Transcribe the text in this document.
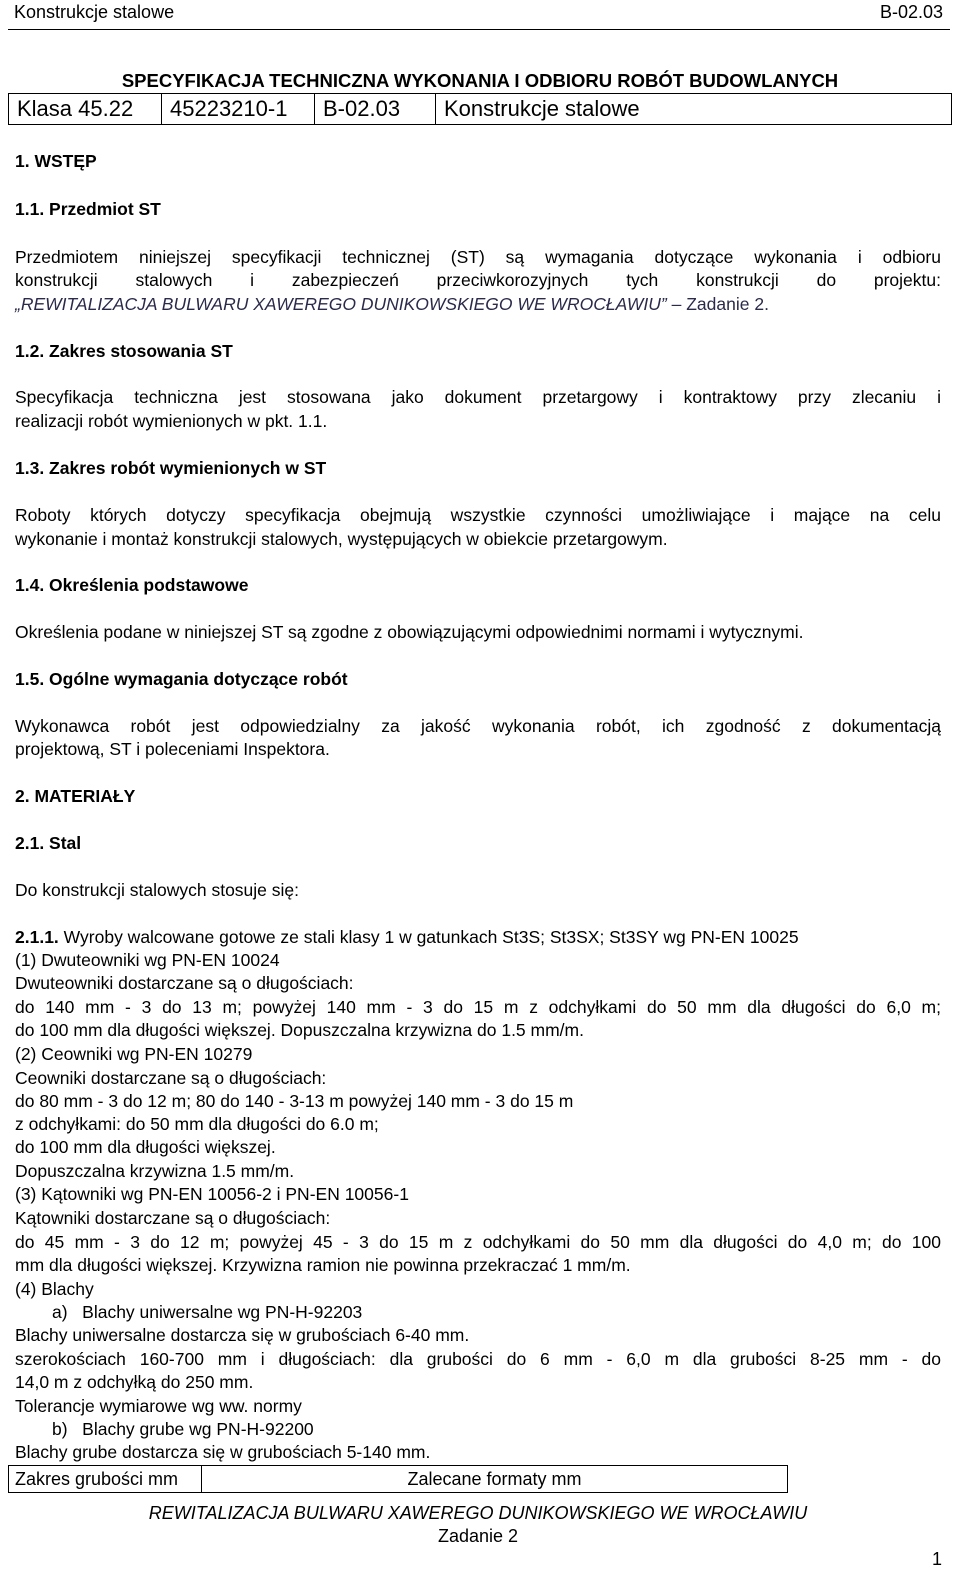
Konstrukcje stalowe	B-02.03
SPECYFIKACJA TECHNICZNA WYKONANIA I ODBIORU ROBÓT BUDOWLANYCH
Klasa 45.22	45223210-1	B-02.03	Konstrukcje stalowe
1. WSTĘP
1.1. Przedmiot ST
Przedmiotem niniejszej specyfikacji technicznej (ST) są wymagania dotyczące wykonania i odbioru
konstrukcji stalowych i zabezpieczeń przeciwkorozyjnych tych konstrukcji do projektu:
„REWITALIZACJA BULWARU XAWEREGO DUNIKOWSKIEGO WE WROCŁAWIU” – Zadanie 2.
1.2. Zakres stosowania ST
Specyfikacja techniczna jest stosowana jako dokument przetargowy i kontraktowy przy zlecaniu i
realizacji robót wymienionych w pkt. 1.1.
1.3. Zakres robót wymienionych w ST
Roboty których dotyczy specyfikacja obejmują wszystkie czynności umożliwiające i mające na celu
wykonanie i montaż konstrukcji stalowych, występujących w obiekcie przetargowym.
1.4. Określenia podstawowe
Określenia podane w niniejszej ST są zgodne z obowiązującymi odpowiednimi normami i wytycznymi.
1.5. Ogólne wymagania dotyczące robót
Wykonawca robót jest odpowiedzialny za jakość wykonania robót, ich zgodność z dokumentacją
projektową, ST i poleceniami Inspektora.
2. MATERIAŁY
2.1. Stal
Do konstrukcji stalowych stosuje się:
2.1.1. Wyroby walcowane gotowe ze stali klasy 1 w gatunkach St3S; St3SX; St3SY wg PN-EN 10025
(1) Dwuteowniki wg PN-EN 10024
Dwuteowniki dostarczane są o długościach:
do 140 mm - 3 do 13 m; powyżej 140 mm - 3 do 15 m z odchyłkami do 50 mm dla długości do 6,0 m;
do 100 mm dla długości większej. Dopuszczalna krzywizna do 1.5 mm/m.
(2) Ceowniki wg PN-EN 10279
Ceowniki dostarczane są o długościach:
do 80 mm - 3 do 12 m; 80 do 140 - 3-13 m powyżej 140 mm - 3 do 15 m
z odchyłkami: do 50 mm dla długości do 6.0 m;
do 100 mm dla długości większej.
Dopuszczalna krzywizna 1.5 mm/m.
(3) Kątowniki wg PN-EN 10056-2 i PN-EN 10056-1
Kątowniki dostarczane są o długościach:
do 45 mm - 3 do 12 m; powyżej 45 - 3 do 15 m z odchyłkami do 50 mm dla długości do 4,0 m; do 100
mm dla długości większej. Krzywizna ramion nie powinna przekraczać 1 mm/m.
(4) Blachy
a)   Blachy uniwersalne wg PN-H-92203
Blachy uniwersalne dostarcza się w grubościach 6-40 mm.
szerokościach 160-700 mm i długościach: dla grubości do 6 mm - 6,0 m dla grubości 8-25 mm - do
14,0 m z odchyłką do 250 mm.
Tolerancje wymiarowe wg ww. normy
b)   Blachy grube wg PN-H-92200
Blachy grube dostarcza się w grubościach 5-140 mm.
Zakres grubości mm	Zalecane formaty mm
REWITALIZACJA BULWARU XAWEREGO DUNIKOWSKIEGO WE WROCŁAWIU
Zadanie 2
1
